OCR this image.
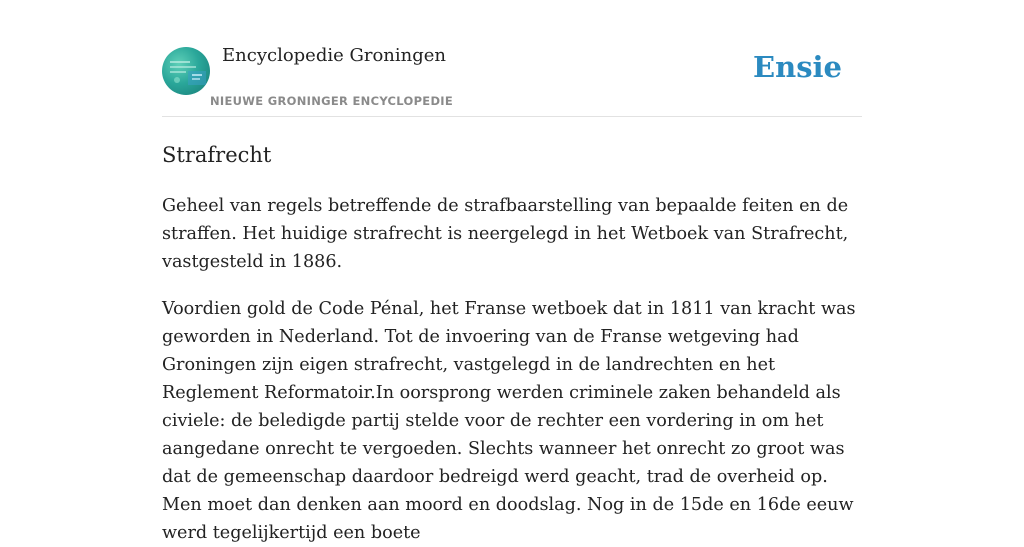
Encyclopedie Groningen
NIEUWE GRONINGER ENCYCLOPEDIE
Ensie
Strafrecht

Geheel van regels betreffende de strafbaarstelling van bepaalde feiten en de straffen. Het huidige strafrecht is neergelegd in het Wetboek van Strafrecht, vastgesteld in 1886.

Voordien gold de Code Pénal, het Franse wetboek dat in 1811 van kracht was geworden in Nederland. Tot de invoering van de Franse wetgeving had Groningen zijn eigen strafrecht, vastgelegd in de landrechten en het Reglement Reformatoir.In oorsprong werden criminele zaken behandeld als civiele: de beledigde partij stelde voor de rechter een vordering in om het aangedane onrecht te vergoeden. Slechts wanneer het onrecht zo groot was dat de gemeenschap daardoor bedreigd werd geacht, trad de overheid op. Men moet dan denken aan moord en doodslag. Nog in de 15de en 16de eeuw werd tegelijkertijd een boete
